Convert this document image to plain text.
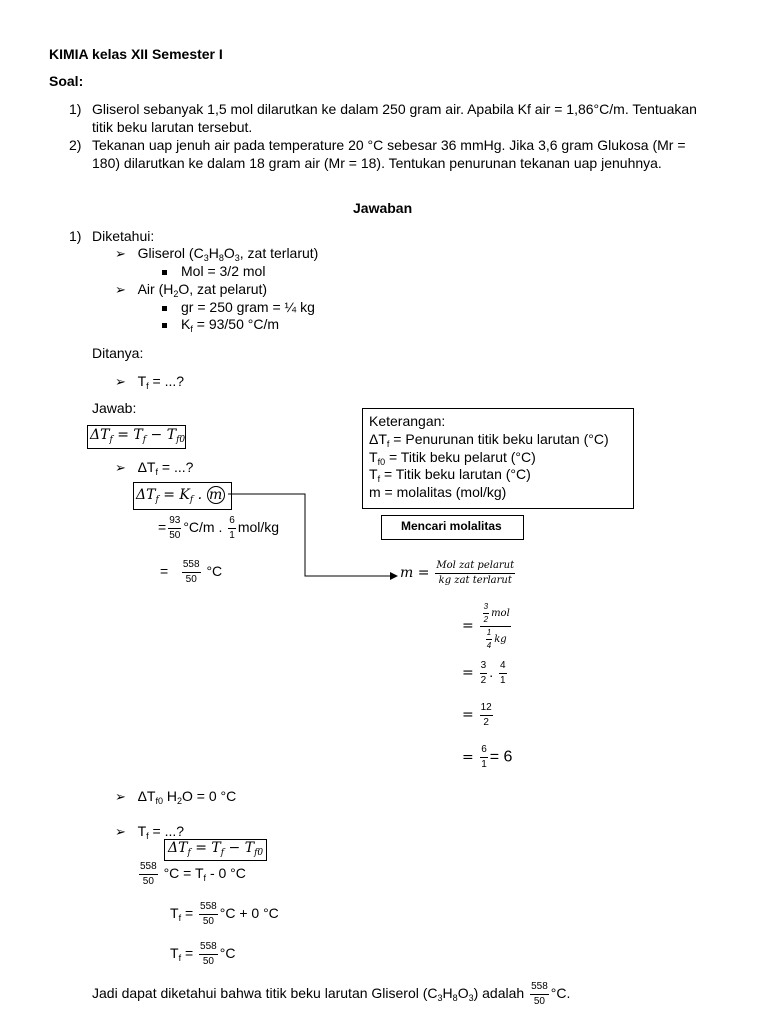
KIMIA kelas XII Semester I
Soal:
1) Gliserol sebanyak 1,5 mol dilarutkan ke dalam 250 gram air. Apabila Kf air = 1,86°C/m. Tentuakan
titik beku larutan tersebut.
2) Tekanan uap jenuh air pada temperature 20 °C sebesar 36 mmHg. Jika 3,6 gram Glukosa (Mr =
180) dilarutkan ke dalam 18 gram air (Mr = 18). Tentukan penurunan tekanan uap jenuhnya.
Jawaban
1) Diketahui:
➢ Gliserol ($C_3H_8O_3$, zat terlarut)
Mol = 3/2 mol
➢ Air ($H_2O$, zat pelarut)
gr = 250 gram = ¼ kg
$K_f = 93/50$ °C/m
Ditanya:
➢   $T_f$ = ...?
Jawab:
$\Delta T_f = T_f - T_{f0}$
➢   $\Delta T_f$ = ...?
$\Delta T_f = K_f$ . m
= $\frac{93}{50} ^\circ C/m$ . $\frac{6}{1} mol/kg$
= $\frac{558}{50} ^\circ C$
Keterangan:
$\Delta T_f$ = Penurunan titik beku larutan (°C)
$T_{f0}$ = Titik beku pelarut (°C)
$T_f$ = Titik beku larutan (°C)
m = molalitas (mol/kg)
Mencari molalitas
$m = \frac{\text{Mol zat pelarut}}{\text{kg zat terlarut}}$
= $\frac{\frac{3}{2} mol}{\frac{1}{4} kg}$
= $\frac{3}{2}$ . $\frac{4}{1}$
= $\frac{12}{2}$
= $\frac{6}{1} = 6$
➢   $\Delta T_{f0}$ $H_2O = 0$ °C
➢   $T_f$ = ...?
$\Delta T_f = T_f - T_{f0}$
$\frac{558}{50} ^\circ C = T_f - 0$ °C
$T_f = \frac{558}{50} ^\circ C + 0$ °C
$T_f = \frac{558}{50} ^\circ C$
Jadi dapat diketahui bahwa titik beku larutan Gliserol $(C_3H_8O_3)$ adalah $\frac{558}{50} ^\circ C$.
